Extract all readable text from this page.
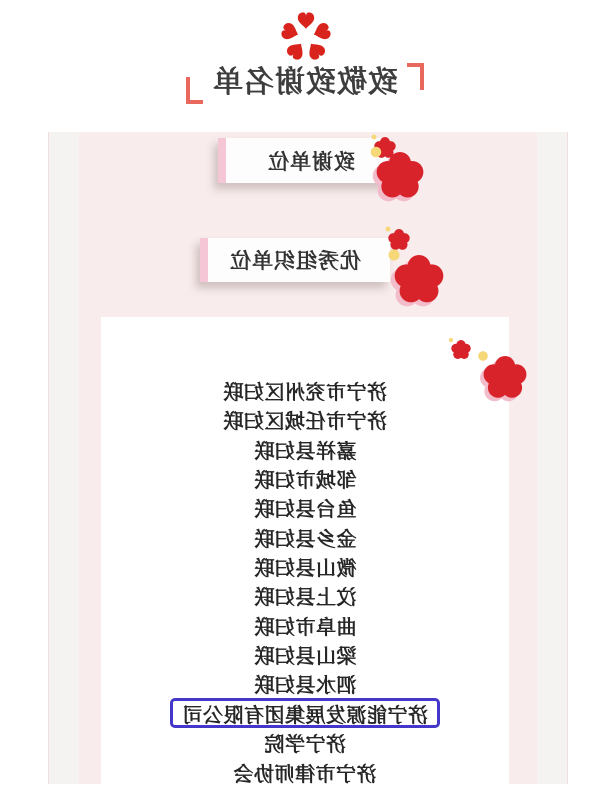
致敬致谢名单
致谢单位
优秀组织单位
济宁市兖州区妇联
济宁市任城区妇联
嘉祥县妇联
邹城市妇联
鱼台县妇联
金乡县妇联
微山县妇联
汶上县妇联
曲阜市妇联
梁山县妇联
泗水县妇联
济宁能源发展集团有限公司
济宁学院
济宁市律师协会
